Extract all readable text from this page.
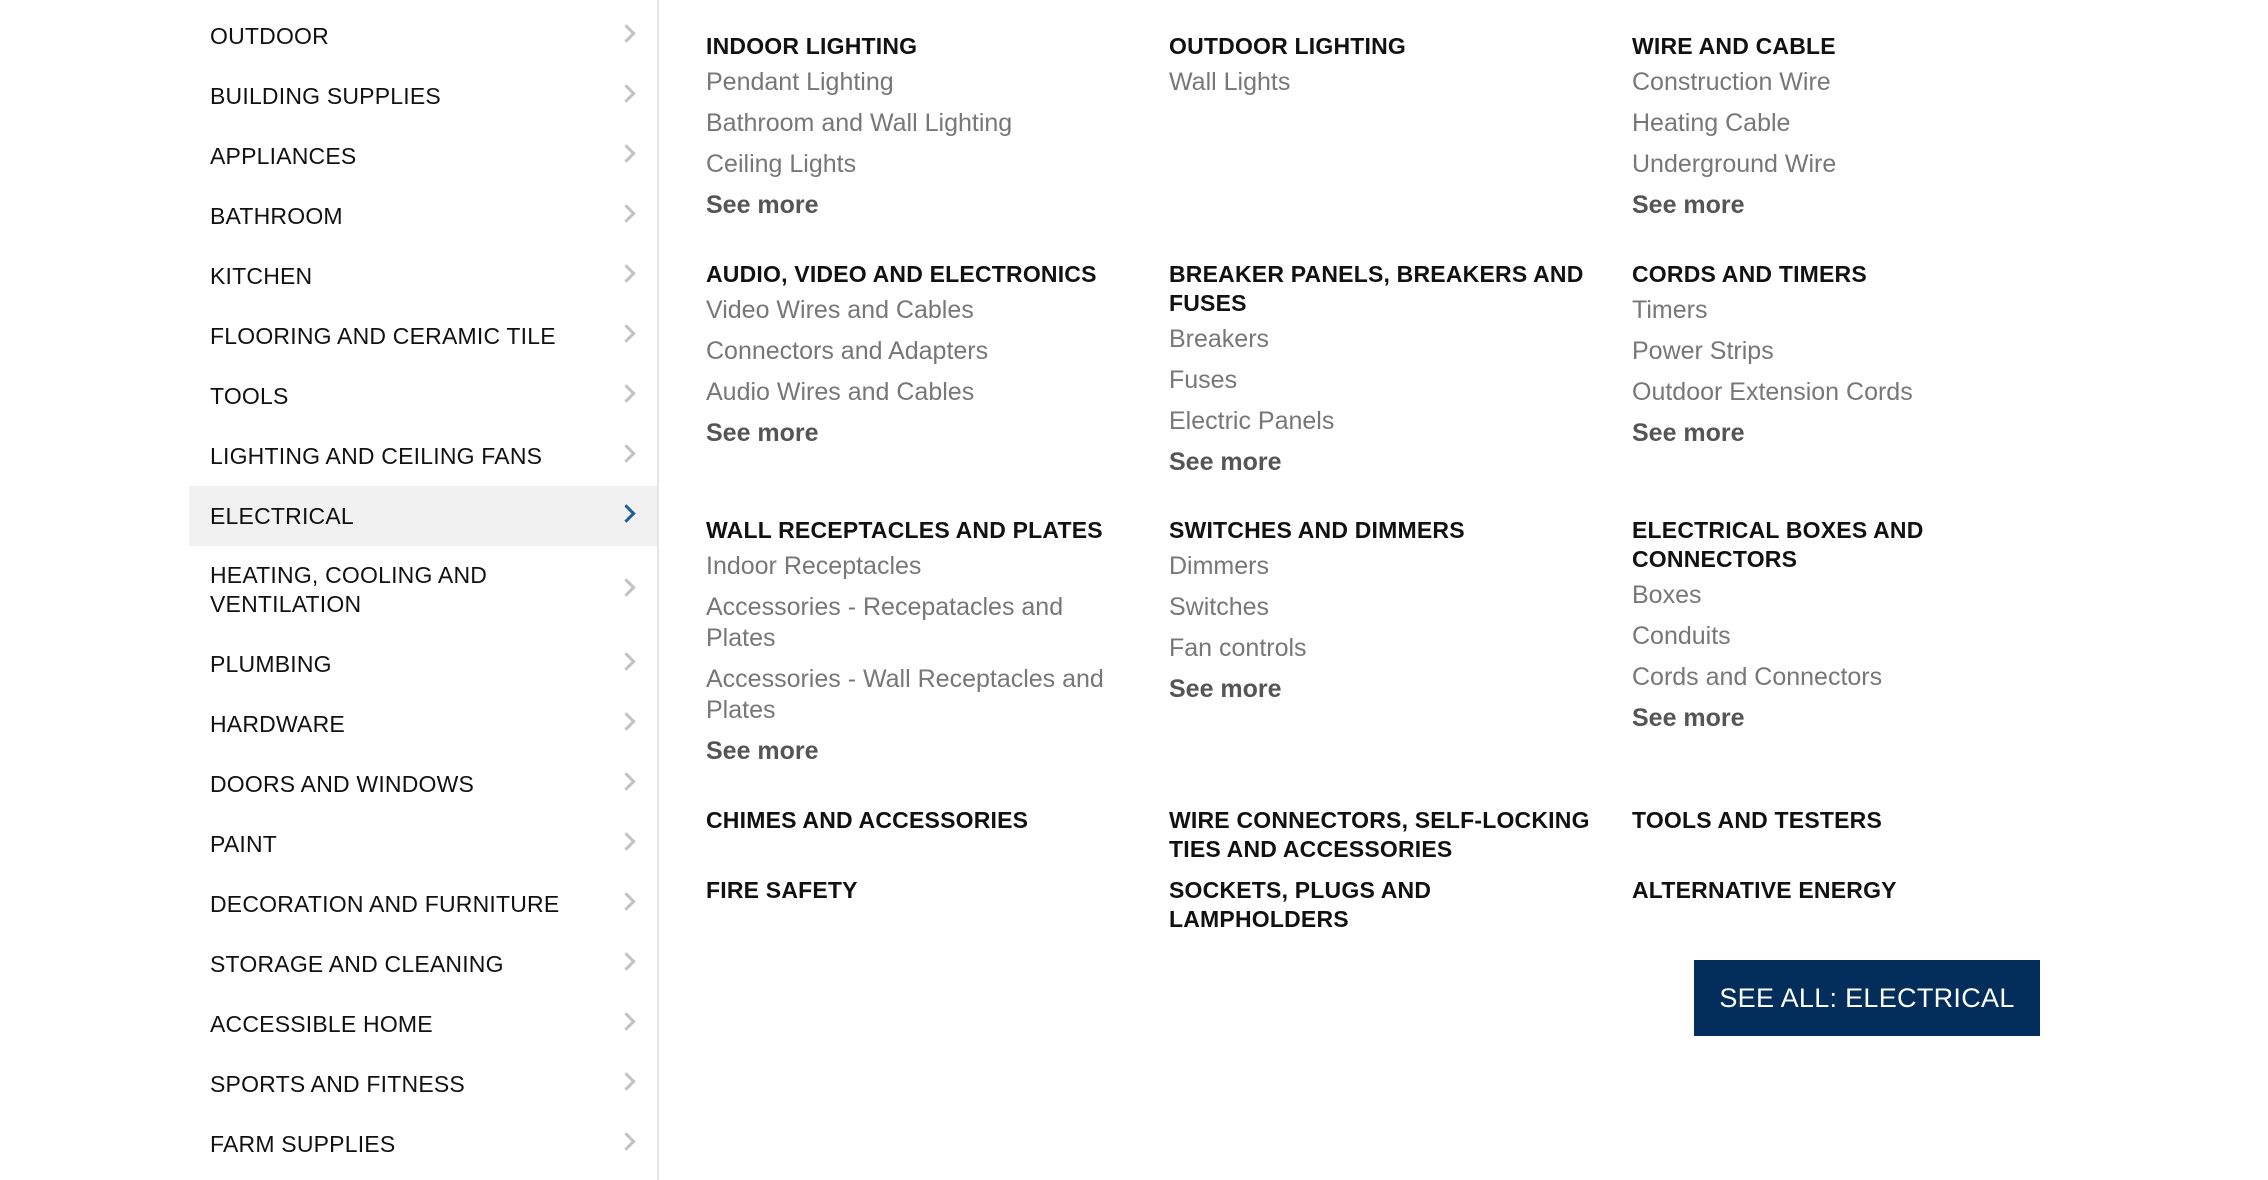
OUTDOOR
BUILDING SUPPLIES
APPLIANCES
BATHROOM
KITCHEN
FLOORING AND CERAMIC TILE
TOOLS
LIGHTING AND CEILING FANS
ELECTRICAL
HEATING, COOLING AND VENTILATION
PLUMBING
HARDWARE
DOORS AND WINDOWS
PAINT
DECORATION AND FURNITURE
STORAGE AND CLEANING
ACCESSIBLE HOME
SPORTS AND FITNESS
FARM SUPPLIES
INDOOR LIGHTING
Pendant Lighting
Bathroom and Wall Lighting
Ceiling Lights
See more
OUTDOOR LIGHTING
Wall Lights
WIRE AND CABLE
Construction Wire
Heating Cable
Underground Wire
See more
AUDIO, VIDEO AND ELECTRONICS
Video Wires and Cables
Connectors and Adapters
Audio Wires and Cables
See more
BREAKER PANELS, BREAKERS AND FUSES
Breakers
Fuses
Electric Panels
See more
CORDS AND TIMERS
Timers
Power Strips
Outdoor Extension Cords
See more
WALL RECEPTACLES AND PLATES
Indoor Receptacles
Accessories - Recepatacles and Plates
Accessories - Wall Receptacles and Plates
See more
SWITCHES AND DIMMERS
Dimmers
Switches
Fan controls
See more
ELECTRICAL BOXES AND CONNECTORS
Boxes
Conduits
Cords and Connectors
See more
CHIMES AND ACCESSORIES	WIRE CONNECTORS, SELF-LOCKING TIES AND ACCESSORIES
TOOLS AND TESTERS
FIRE SAFETY	SOCKETS, PLUGS AND LAMPHOLDERS
ALTERNATIVE ENERGY
SEE ALL: ELECTRICAL
